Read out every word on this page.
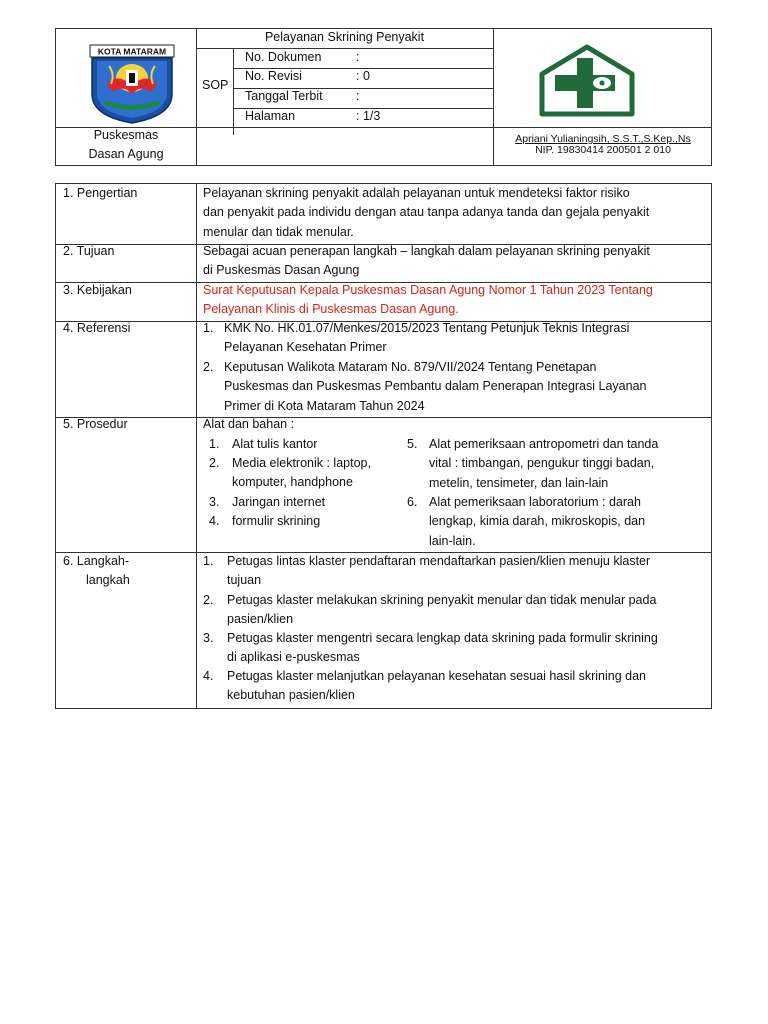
KOTA MATARAM
Puskesmas
Dasan Agung
Pelayanan Skrining Penyakit
SOP
No. Dokumen	:
No. Revisi	: 0
Tanggal Terbit	:
Halaman	: 1/3
Apriani Yulianingsih, S.S.T.,S.Kep.,Ns
NIP. 19830414 200501 2 010
1. Pengertian	Pelayanan skrining penyakit adalah pelayanan untuk mendeteksi faktor risiko
dan penyakit pada individu dengan atau tanpa adanya tanda dan gejala penyakit
menular dan tidak menular.
2. Tujuan	Sebagai acuan penerapan langkah – langkah dalam pelayanan skrining penyakit
di Puskesmas Dasan Agung
3. Kebijakan	Surat Keputusan Kepala Puskesmas Dasan Agung Nomor 1 Tahun 2023 Tentang
Pelayanan Klinis di Puskesmas Dasan Agung.
4. Referensi	1. KMK No. HK.01.07/Menkes/2015/2023 Tentang Petunjuk Teknis Integrasi
Pelayanan Kesehatan Primer
2. Keputusan Walikota Mataram No. 879/VII/2024 Tentang Penetapan
Puskesmas dan Puskesmas Pembantu dalam Penerapan Integrasi Layanan
Primer di Kota Mataram Tahun 2024
5. Prosedur	Alat dan bahan :
1. Alat tulis kantor
2. Media elektronik : laptop,
komputer, handphone
3. Jaringan internet
4. formulir skrining
5. Alat pemeriksaan antropometri dan tanda
vital : timbangan, pengukur tinggi badan,
metelin, tensimeter, dan lain-lain
6. Alat pemeriksaan laboratorium : darah
lengkap, kimia darah, mikroskopis, dan
lain-lain.
6. Langkah-
langkah
1. Petugas lintas klaster pendaftaran mendaftarkan pasien/klien menuju klaster
tujuan
2. Petugas klaster melakukan skrining penyakit menular dan tidak menular pada
pasien/klien
3. Petugas klaster mengentri secara lengkap data skrining pada formulir skrining
di aplikasi e-puskesmas
4. Petugas klaster melanjutkan pelayanan kesehatan sesuai hasil skrining dan
kebutuhan pasien/klien
